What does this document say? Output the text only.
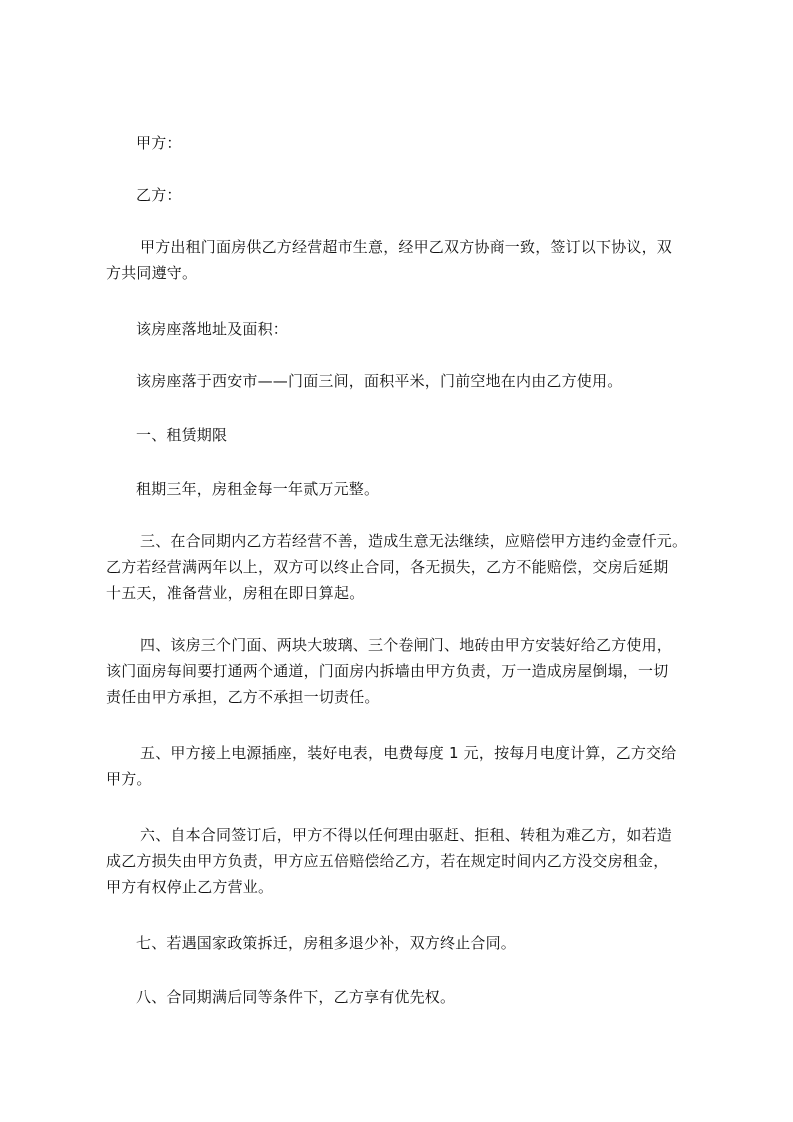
甲方：
乙方：
甲方出租门面房供乙方经营超市生意，经甲乙双方协商一致，签订以下协议，双
方共同遵守。
该房座落地址及面积：
该房座落于西安市——门面三间，面积平米，门前空地在内由乙方使用。
一、租赁期限
租期三年，房租金每一年贰万元整。
三、在合同期内乙方若经营不善，造成生意无法继续，应赔偿甲方违约金壹仟元。
乙方若经营满两年以上，双方可以终止合同，各无损失，乙方不能赔偿，交房后延期
十五天，准备营业，房租在即日算起。
四、该房三个门面、两块大玻璃、三个卷闸门、地砖由甲方安装好给乙方使用，
该门面房每间要打通两个通道，门面房内拆墙由甲方负责，万一造成房屋倒塌，一切
责任由甲方承担，乙方不承担一切责任。
五、甲方接上电源插座，装好电表，电费每度 1 元，按每月电度计算，乙方交给
甲方。
六、自本合同签订后，甲方不得以任何理由驱赶、拒租、转租为难乙方，如若造
成乙方损失由甲方负责，甲方应五倍赔偿给乙方，若在规定时间内乙方没交房租金，
甲方有权停止乙方营业。
七、若遇国家政策拆迁，房租多退少补，双方终止合同。
八、合同期满后同等条件下，乙方享有优先权。
